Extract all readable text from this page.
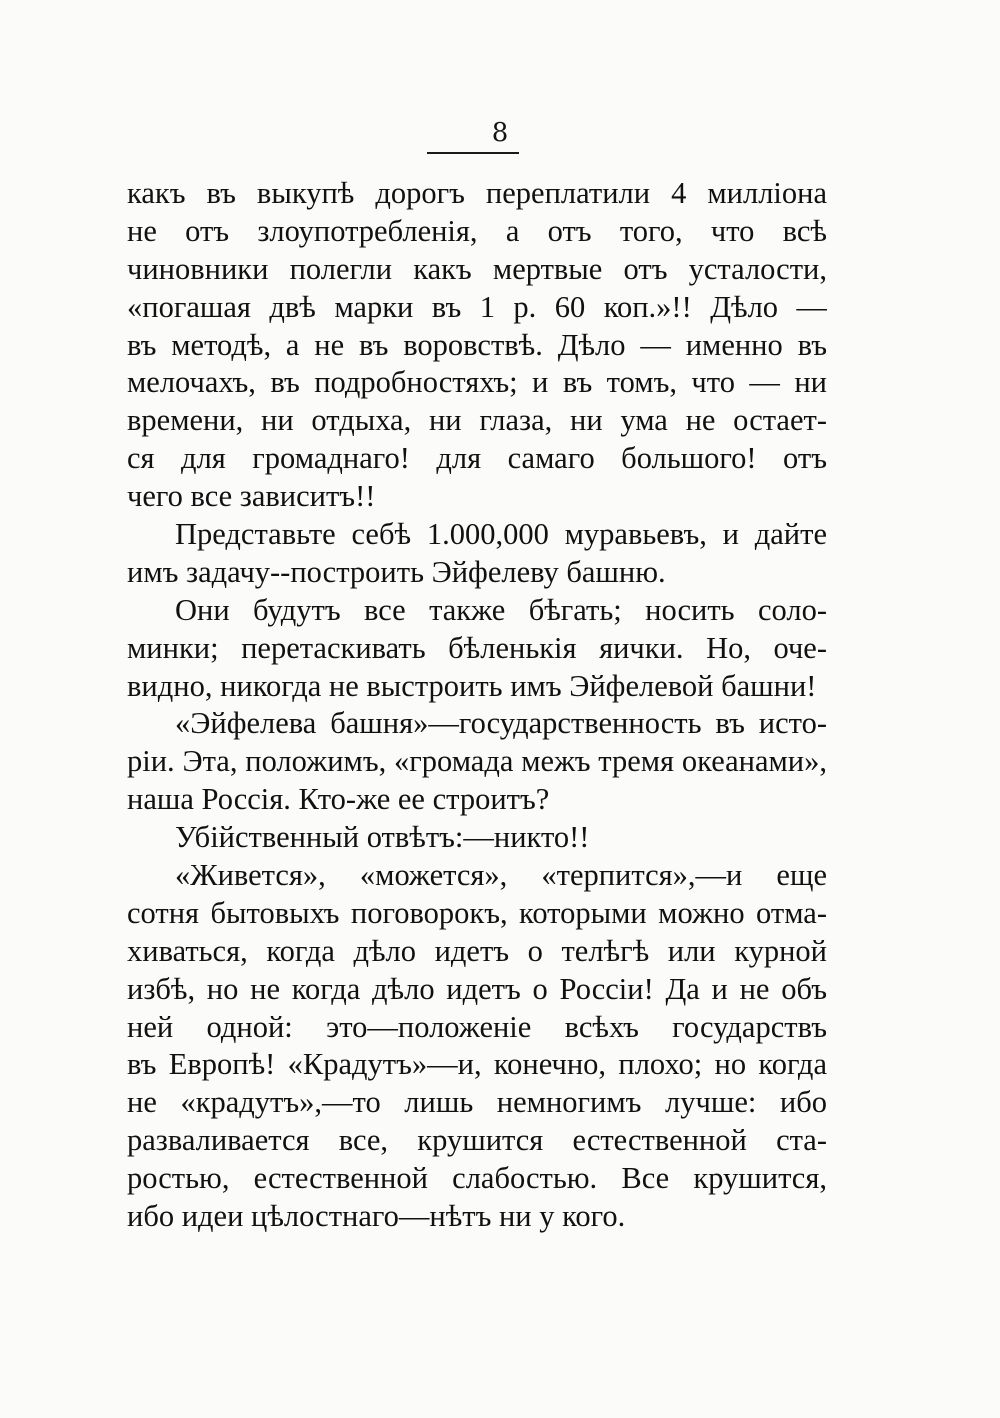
8
какъ въ выкупѣ дорогъ переплатили 4 милліона
не отъ злоупотребленія, а отъ того, что всѣ
чиновники полегли какъ мертвые отъ усталости,
«погашая двѣ марки въ 1 р. 60 коп.»!! Дѣло —
въ методѣ, а не въ воровствѣ. Дѣло — именно въ
мелочахъ, въ подробностяхъ; и въ томъ, что — ни
времени, ни отдыха, ни глаза, ни ума не остает-
ся для громаднаго! для самаго большого! отъ
чего все зависитъ!!
Представьте себѣ 1.000,000 муравьевъ, и дайте
имъ задачу--построить Эйфелеву башню.
Они будутъ все также бѣгать; носить соло-
минки; перетаскивать бѣленькія яички. Но, оче-
видно, никогда не выстроить имъ Эйфелевой башни!
«Эйфелева башня»—государственность въ исто-
ріи. Эта, положимъ, «громада межъ тремя океанами»,
наша Россія. Кто-же ее строитъ?
Убійственный отвѣтъ:—никто!!
«Живется», «можется», «терпится»,—и еще
сотня бытовыхъ поговорокъ, которыми можно отма-
хиваться, когда дѣло идетъ о телѣгѣ или курной
избѣ, но не когда дѣло идетъ о Россіи! Да и не объ
ней одной: это—положеніе всѣхъ государствъ
въ Европѣ! «Крадутъ»—и, конечно, плохо; но когда
не «крадутъ»,—то лишь немногимъ лучше: ибо
разваливается все, крушится естественной ста-
ростью, естественной слабостью. Все крушится,
ибо идеи цѣлостнаго—нѣтъ ни у кого.
